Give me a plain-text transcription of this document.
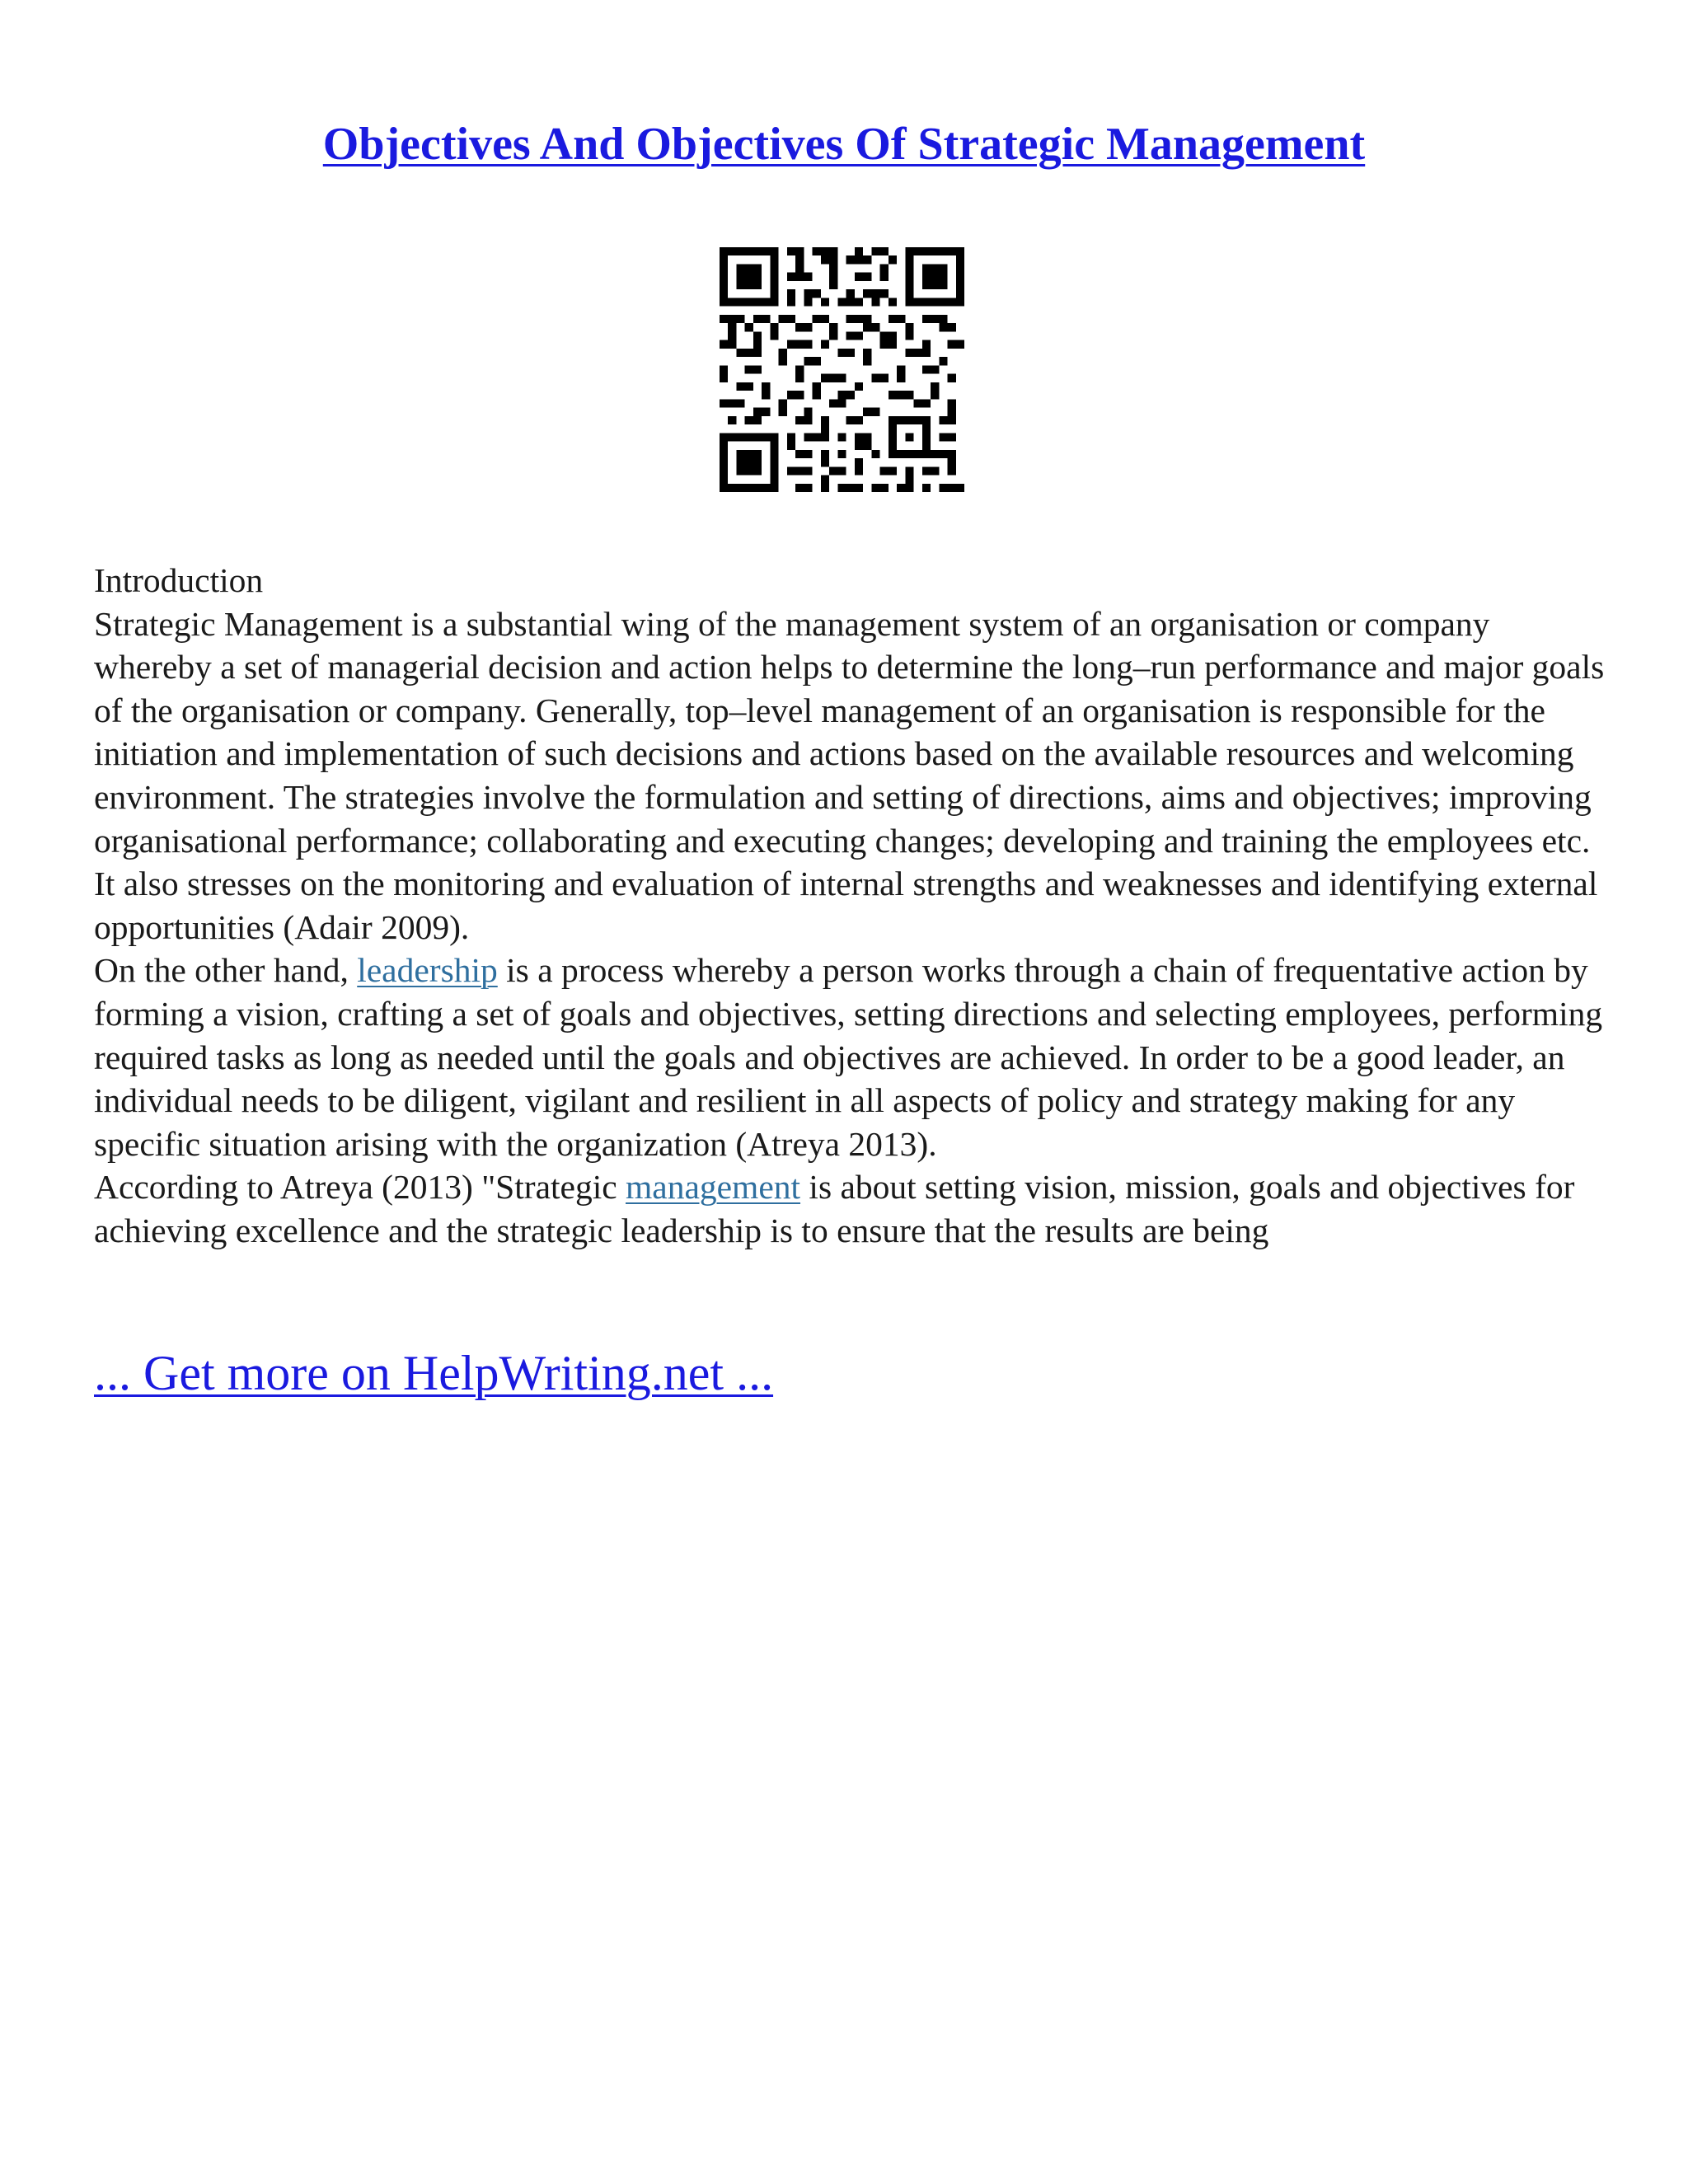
Objectives And Objectives Of Strategic Management

Introduction
Strategic Management is a substantial wing of the management system of an organisation or company whereby a set of managerial decision and action helps to determine the long–run performance and major goals of the organisation or company. Generally, top–level management of an organisation is responsible for the initiation and implementation of such decisions and actions based on the available resources and welcoming environment. The strategies involve the formulation and setting of directions, aims and objectives; improving organisational performance; collaborating and executing changes; developing and training the employees etc. It also stresses on the monitoring and evaluation of internal strengths and weaknesses and identifying external opportunities (Adair 2009).
On the other hand, leadership is a process whereby a person works through a chain of frequentative action by forming a vision, crafting a set of goals and objectives, setting directions and selecting employees, performing required tasks as long as needed until the goals and objectives are achieved. In order to be a good leader, an individual needs to be diligent, vigilant and resilient in all aspects of policy and strategy making for any specific situation arising with the organization (Atreya 2013).
According to Atreya (2013) "Strategic management is about setting vision, mission, goals and objectives for achieving excellence and the strategic leadership is to ensure that the results are being

... Get more on HelpWriting.net ...
